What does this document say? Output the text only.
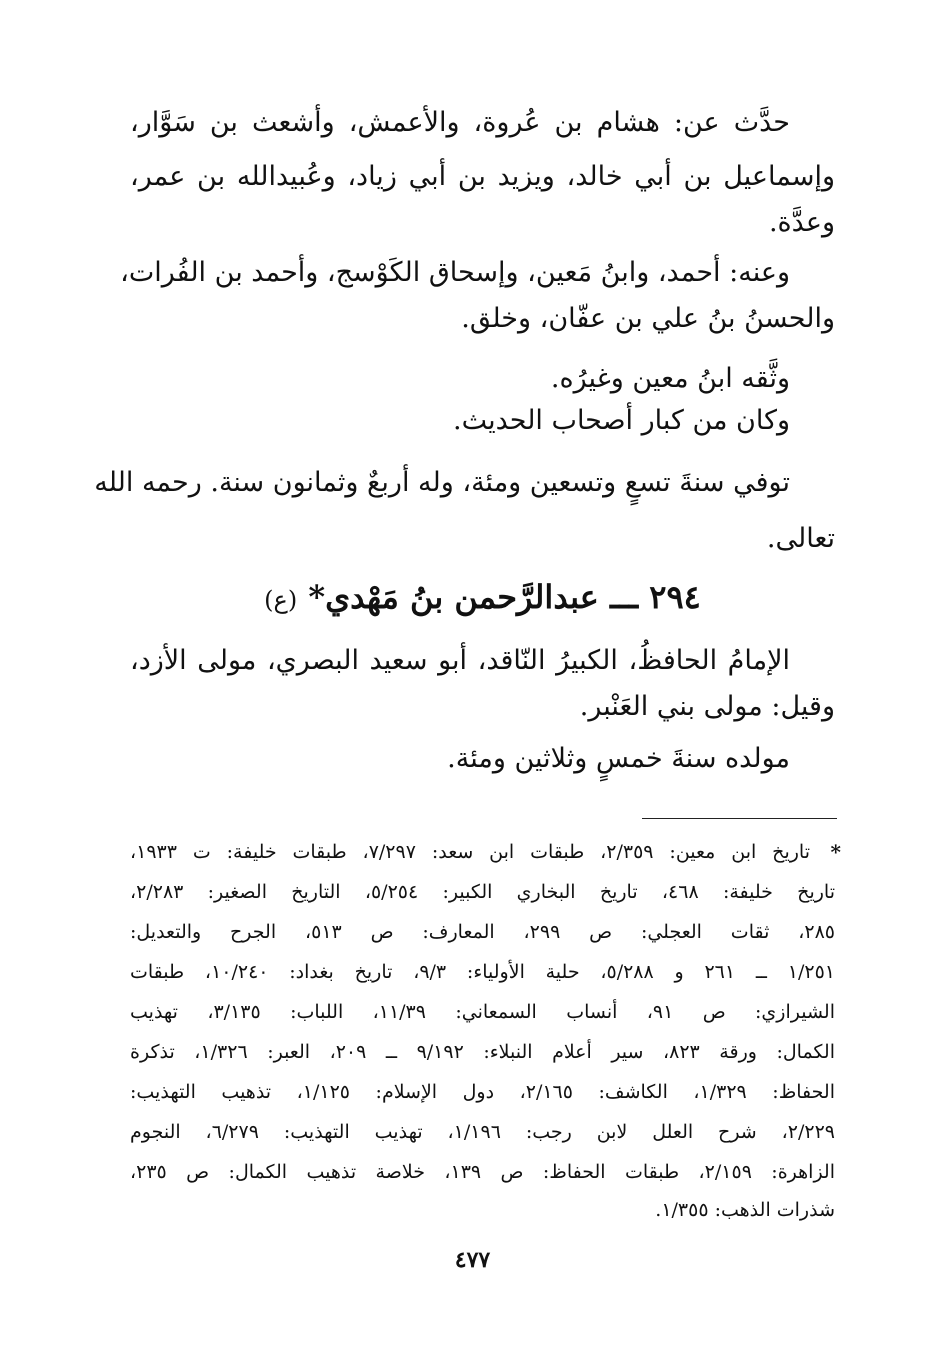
حدَّث عن: هشام بن عُروة، والأعمش، وأشعث بن سَوَّار،
وإسماعيل بن أبي خالد، ويزيد بن أبي زياد، وعُبيدالله بن عمر،
وعدَّة.
وعنه: أحمد، وابنُ مَعين، وإسحاق الكَوْسج، وأحمد بن الفُرات،
والحسنُ بنُ علي بن عفّان، وخلق.
وثَّقه ابنُ معين وغيرُه.
وكان من كبار أصحاب الحديث.
توفي سنةَ تسعٍ وتسعين ومئة، وله أربعٌ وثمانون سنة. رحمه الله
تعالى.
٢٩٤ ـــ عبدالرَّحمن بنُ مَهْدي* (ع)
الإمامُ الحافظُ، الكبيرُ النّاقد، أبو سعيد البصري، مولى الأزد،
وقيل: مولى بني العَنْبر.
مولده سنةَ خمسٍ وثلاثين ومئة.
*
تاريخ ابن معين: ٢/٣٥٩، طبقات ابن سعد: ٧/٢٩٧، طبقات خليفة: ت ١٩٣٣،
تاريخ خليفة: ٤٦٨، تاريخ البخاري الكبير: ٥/٢٥٤، التاريخ الصغير: ٢/٢٨٣،
٢٨٥، ثقات العجلي: ص ٢٩٩، المعارف: ص ٥١٣، الجرح والتعديل:
١/٢٥١ ــ ٢٦١ و ٥/٢٨٨، حلية الأولياء: ٩/٣، تاريخ بغداد: ١٠/٢٤٠، طبقات
الشيرازي: ص ٩١، أنساب السمعاني: ١١/٣٩، اللباب: ٣/١٣٥، تهذيب
الكمال: ورقة ٨٢٣، سير أعلام النبلاء: ٩/١٩٢ ــ ٢٠٩، العبر: ١/٣٢٦، تذكرة
الحفاظ: ١/٣٢٩، الكاشف: ٢/١٦٥، دول الإسلام: ١/١٢٥، تذهيب التهذيب:
٢/٢٢٩، شرح العلل لابن رجب: ١/١٩٦، تهذيب التهذيب: ٦/٢٧٩، النجوم
الزاهرة: ٢/١٥٩، طبقات الحفاظ: ص ١٣٩، خلاصة تذهيب الكمال: ص ٢٣٥،
شذرات الذهب: ١/٣٥٥.
٤٧٧
